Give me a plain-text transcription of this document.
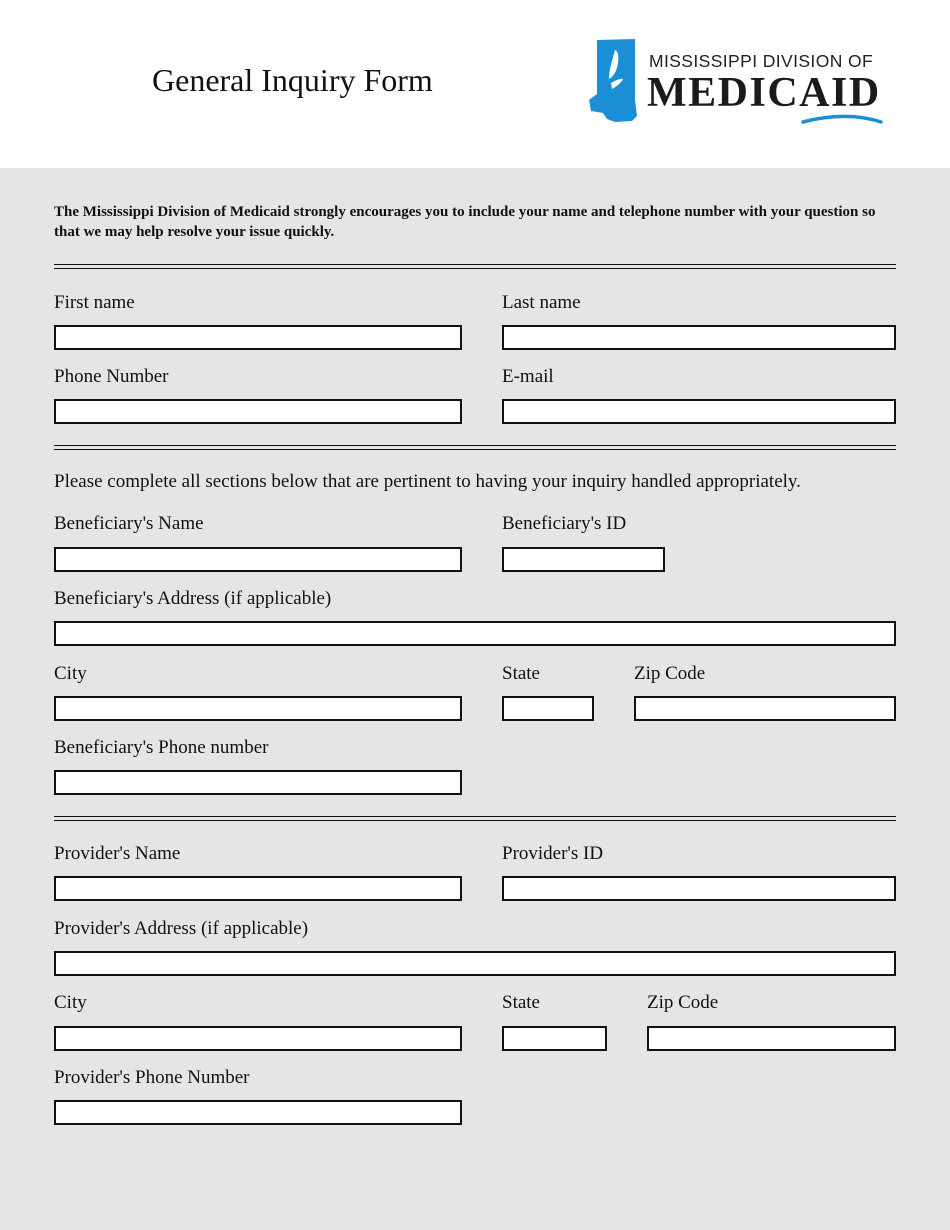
General Inquiry Form
MISSISSIPPI DIVISION OF
MEDICAID
The Mississippi Division of Medicaid strongly encourages you to include your name and telephone number with your question so that we may help resolve your issue quickly.
First name	Last name
Phone Number	E-mail
Please complete all sections below that are pertinent to having your inquiry handled appropriately.
Beneficiary's Name	Beneficiary's ID
Beneficiary's Address (if applicable)
City	State	Zip Code
Beneficiary's Phone number
Provider's Name	Provider's ID
Provider's Address (if applicable)
City	State	Zip Code
Provider's Phone Number
